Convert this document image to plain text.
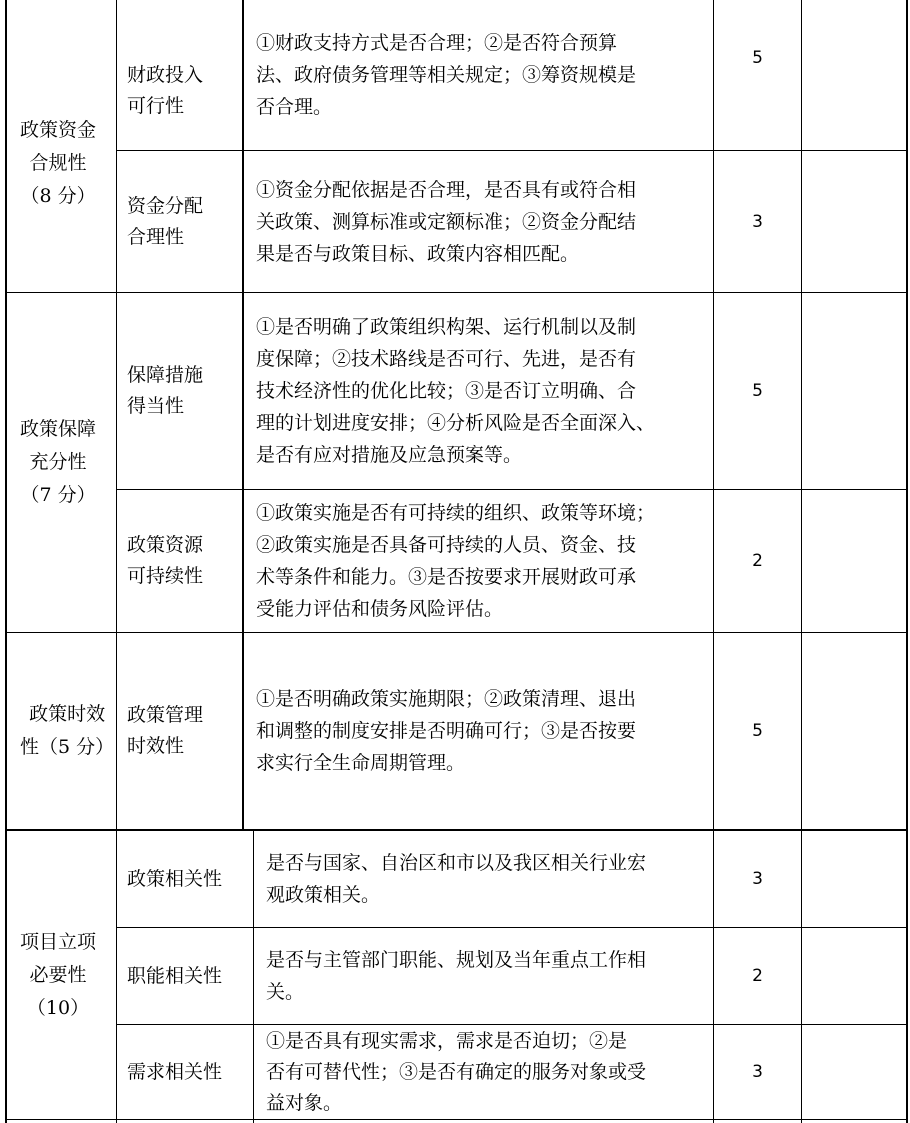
政策资金
合规性
（8 分）
财政投入
可行性
①财政支持方式是否合理；②是否符合预算
法、政府债务管理等相关规定；③筹资规模是
否合理。
5
资金分配
合理性
①资金分配依据是否合理，是否具有或符合相
关政策、测算标准或定额标准；②资金分配结
果是否与政策目标、政策内容相匹配。
3
政策保障
充分性
（7 分）
保障措施
得当性
①是否明确了政策组织构架、运行机制以及制
度保障；②技术路线是否可行、先进，是否有
技术经济性的优化比较；③是否订立明确、合
理的计划进度安排；④分析风险是否全面深入、
是否有应对措施及应急预案等。
5
政策资源
可持续性
①政策实施是否有可持续的组织、政策等环境；
②政策实施是否具备可持续的人员、资金、技
术等条件和能力。③是否按要求开展财政可承
受能力评估和债务风险评估。
2
政策时效
性（5 分）
政策管理
时效性
①是否明确政策实施期限；②政策清理、退出
和调整的制度安排是否明确可行；③是否按要
求实行全生命周期管理。
5
项目立项
必要性
（10）
政策相关性
是否与国家、自治区和市以及我区相关行业宏
观政策相关。
3
职能相关性
是否与主管部门职能、规划及当年重点工作相
关。
2
需求相关性
①是否具有现实需求，需求是否迫切；②是
否有可替代性；③是否有确定的服务对象或受
益对象。
3
